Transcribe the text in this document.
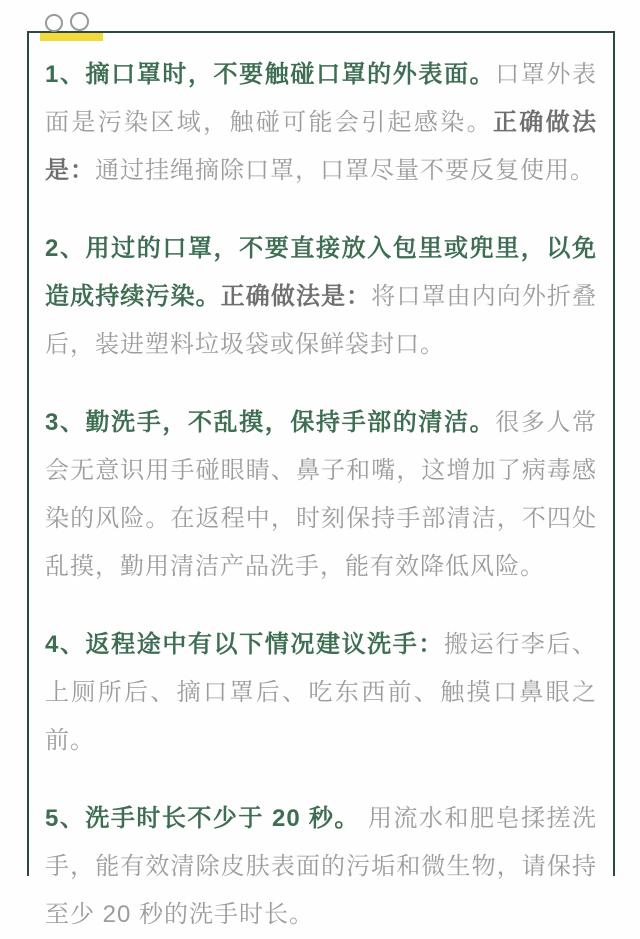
1、摘口罩时，不要触碰口罩的外表面。口罩外表面是污染区域，触碰可能会引起感染。正确做法是：通过挂绳摘除口罩，口罩尽量不要反复使用。

2、用过的口罩，不要直接放入包里或兜里，以免造成持续污染。正确做法是：将口罩由内向外折叠后，装进塑料垃圾袋或保鲜袋封口。

3、勤洗手，不乱摸，保持手部的清洁。很多人常会无意识用手碰眼睛、鼻子和嘴，这增加了病毒感染的风险。在返程中，时刻保持手部清洁，不四处乱摸，勤用清洁产品洗手，能有效降低风险。

4、返程途中有以下情况建议洗手：搬运行李后、上厕所后、摘口罩后、吃东西前、触摸口鼻眼之前。

5、洗手时长不少于 20 秒。 用流水和肥皂揉搓洗手，能有效清除皮肤表面的污垢和微生物，请保持至少 20 秒的洗手时长。
